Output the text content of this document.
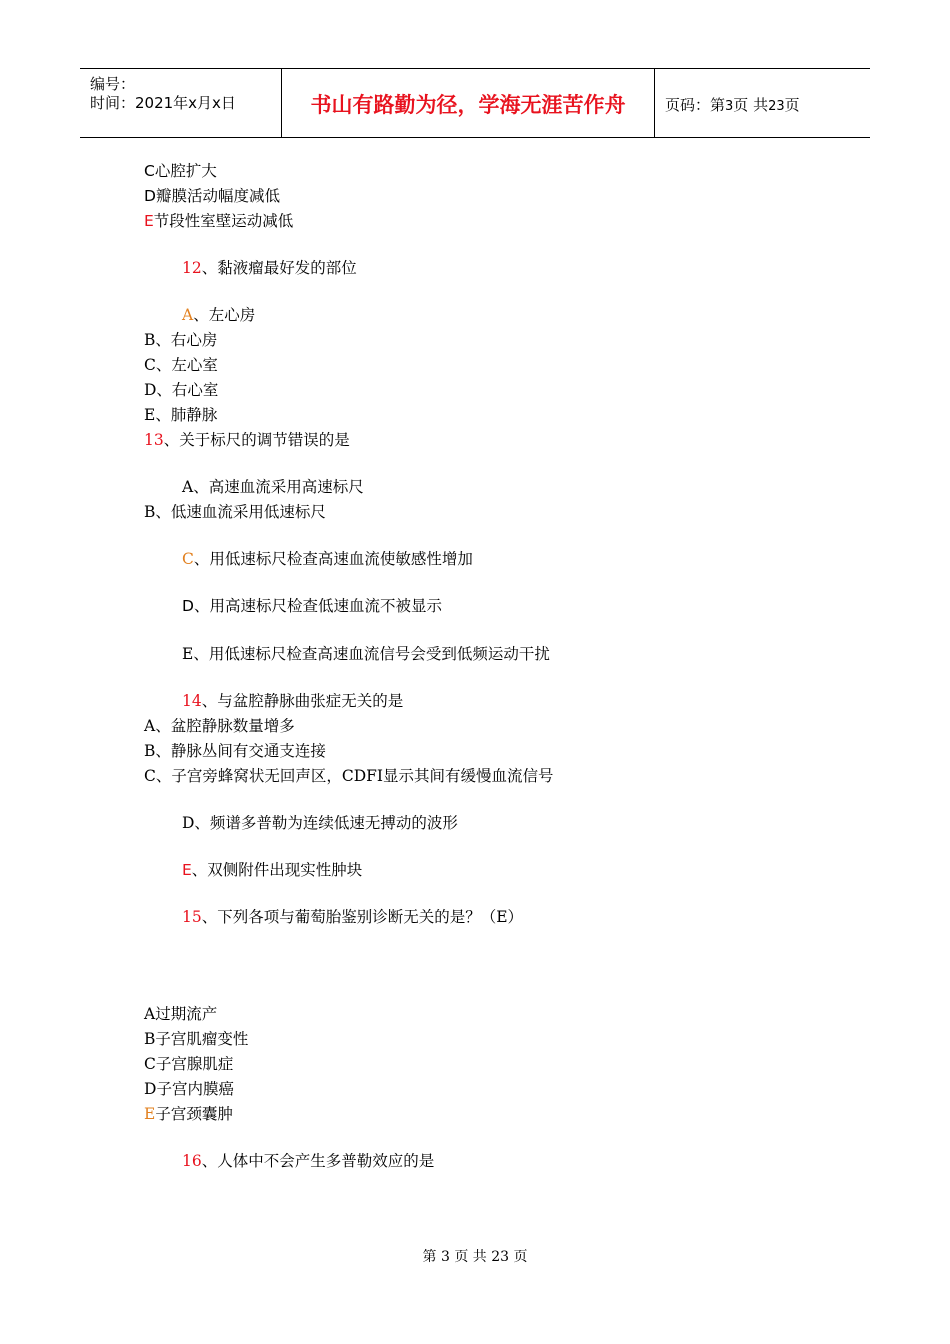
编号：
时间：2021年x月x日	书山有路勤为径，学海无涯苦作舟	页码：第3页 共23页
C心腔扩大
D瓣膜活动幅度减低
E节段性室壁运动减低
12、黏液瘤最好发的部位
A、左心房
B、右心房
C、左心室
D、右心室
E、肺静脉
13、关于标尺的调节错误的是
A、高速血流采用高速标尺
B、低速血流采用低速标尺
C、用低速标尺检查高速血流使敏感性增加
D、用高速标尺检查低速血流不被显示
E、用低速标尺检查高速血流信号会受到低频运动干扰
14、与盆腔静脉曲张症无关的是
A、盆腔静脉数量增多
B、静脉丛间有交通支连接
C、子宫旁蜂窝状无回声区，CDFI显示其间有缓慢血流信号
D、频谱多普勒为连续低速无搏动的波形
E、双侧附件出现实性肿块
15、下列各项与葡萄胎鉴别诊断无关的是？（E）
A过期流产
B子宫肌瘤变性
C子宫腺肌症
D子宫内膜癌
E子宫颈囊肿
16、人体中不会产生多普勒效应的是
第 3 页 共 23 页
